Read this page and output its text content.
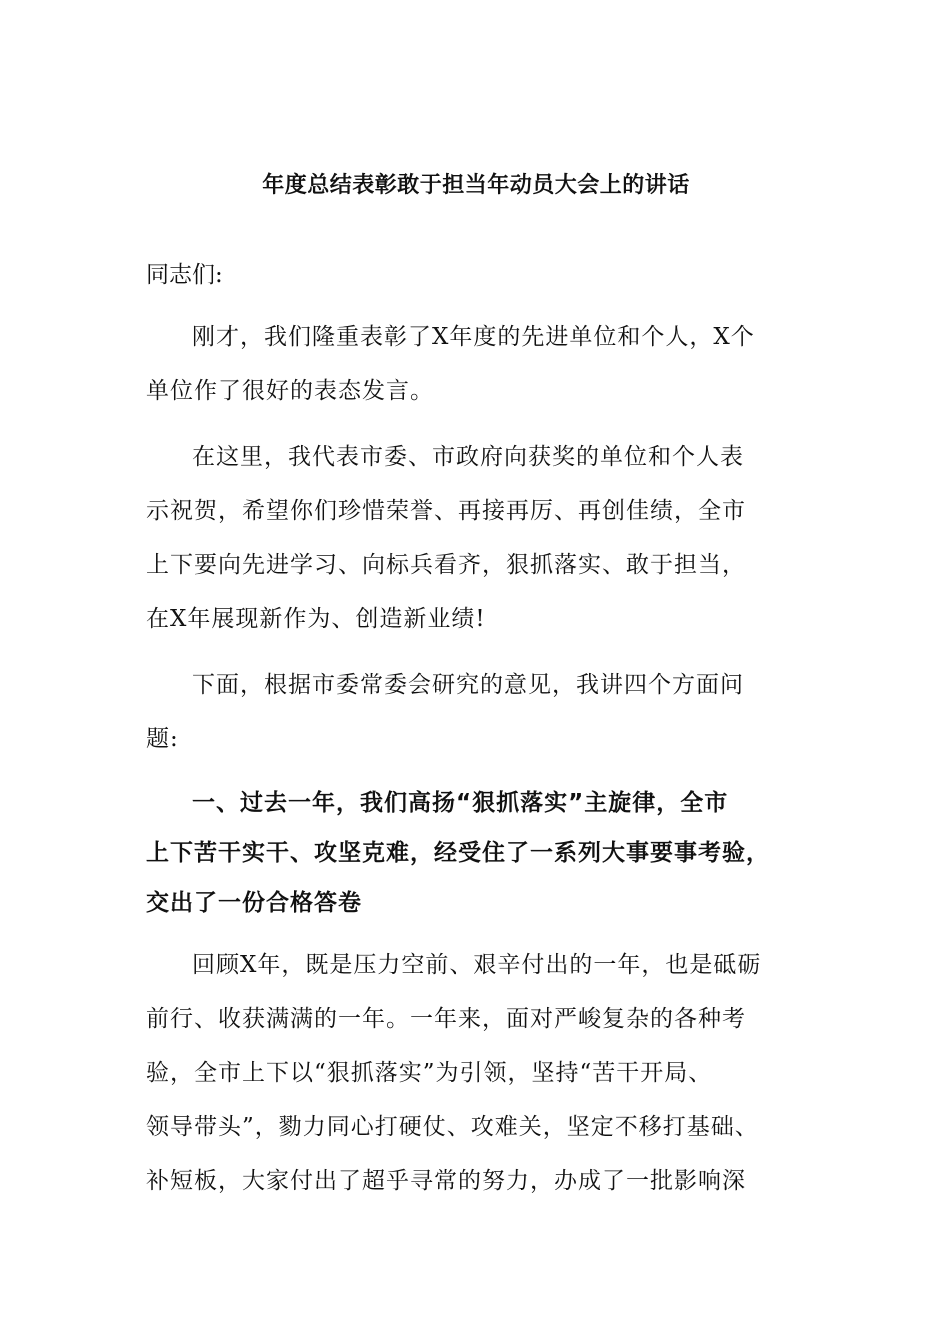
年度总结表彰敢于担当年动员大会上的讲话
同志们:
刚才，我们隆重表彰了X年度的先进单位和个人，X个
单位作了很好的表态发言。
在这里，我代表市委、市政府向获奖的单位和个人表
示祝贺，希望你们珍惜荣誉、再接再厉、再创佳绩，全市
上下要向先进学习、向标兵看齐，狠抓落实、敢于担当，
在X年展现新作为、创造新业绩!
下面，根据市委常委会研究的意见，我讲四个方面问
题:
一、过去一年，我们高扬“狠抓落实”主旋律，全市
上下苦干实干、攻坚克难，经受住了一系列大事要事考验，
交出了一份合格答卷
回顾X年，既是压力空前、艰辛付出的一年，也是砥砺
前行、收获满满的一年。一年来，面对严峻复杂的各种考
验，全市上下以“狠抓落实”为引领，坚持“苦干开局、
领导带头”，勠力同心打硬仗、攻难关，坚定不移打基础、
补短板，大家付出了超乎寻常的努力，办成了一批影响深
